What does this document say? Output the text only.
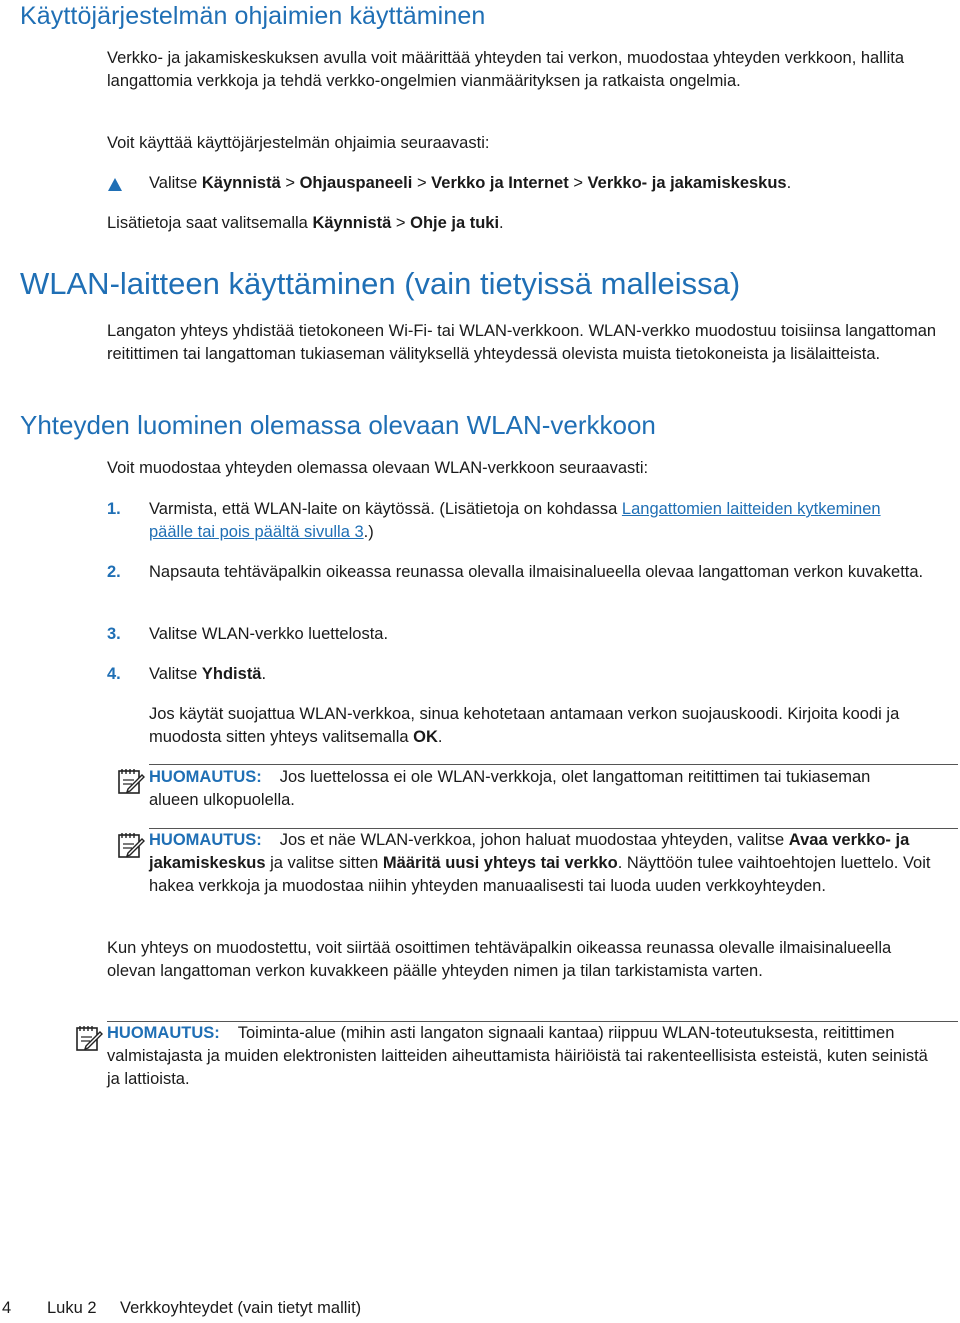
Käyttöjärjestelmän ohjaimien käyttäminen

Verkko- ja jakamiskeskuksen avulla voit määrittää yhteyden tai verkon, muodostaa yhteyden verkkoon, hallita langattomia verkkoja ja tehdä verkko-ongelmien vianmäärityksen ja ratkaista ongelmia.

Voit käyttää käyttöjärjestelmän ohjaimia seuraavasti:

Valitse Käynnistä > Ohjauspaneeli > Verkko ja Internet > Verkko- ja jakamiskeskus.

Lisätietoja saat valitsemalla Käynnistä > Ohje ja tuki.

WLAN-laitteen käyttäminen (vain tietyissä malleissa)

Langaton yhteys yhdistää tietokoneen Wi-Fi- tai WLAN-verkkoon. WLAN-verkko muodostuu toisiinsa langattoman reitittimen tai langattoman tukiaseman välityksellä yhteydessä olevista muista tietokoneista ja lisälaitteista.

Yhteyden luominen olemassa olevaan WLAN-verkkoon

Voit muodostaa yhteyden olemassa olevaan WLAN-verkkoon seuraavasti:

1. Varmista, että WLAN-laite on käytössä. (Lisätietoja on kohdassa Langattomien laitteiden kytkeminen päälle tai pois päältä sivulla 3.)

2. Napsauta tehtäväpalkin oikeassa reunassa olevalla ilmaisinalueella olevaa langattoman verkon kuvaketta.

3. Valitse WLAN-verkko luettelosta.

4. Valitse Yhdistä.

Jos käytät suojattua WLAN-verkkoa, sinua kehotetaan antamaan verkon suojauskoodi. Kirjoita koodi ja muodosta sitten yhteys valitsemalla OK.

HUOMAUTUS: Jos luettelossa ei ole WLAN-verkkoja, olet langattoman reitittimen tai tukiaseman alueen ulkopuolella.

HUOMAUTUS: Jos et näe WLAN-verkkoa, johon haluat muodostaa yhteyden, valitse Avaa verkko- ja jakamiskeskus ja valitse sitten Määritä uusi yhteys tai verkko. Näyttöön tulee vaihtoehtojen luettelo. Voit hakea verkkoja ja muodostaa niihin yhteyden manuaalisesti tai luoda uuden verkkoyhteyden.

Kun yhteys on muodostettu, voit siirtää osoittimen tehtäväpalkin oikeassa reunassa olevalle ilmaisinalueella olevan langattoman verkon kuvakkeen päälle yhteyden nimen ja tilan tarkistamista varten.

HUOMAUTUS: Toiminta-alue (mihin asti langaton signaali kantaa) riippuu WLAN-toteutuksesta, reitittimen valmistajasta ja muiden elektronisten laitteiden aiheuttamista häiriöistä tai rakenteellisista esteistä, kuten seinistä ja lattioista.

4 Luku 2 Verkkoyhteydet (vain tietyt mallit)
